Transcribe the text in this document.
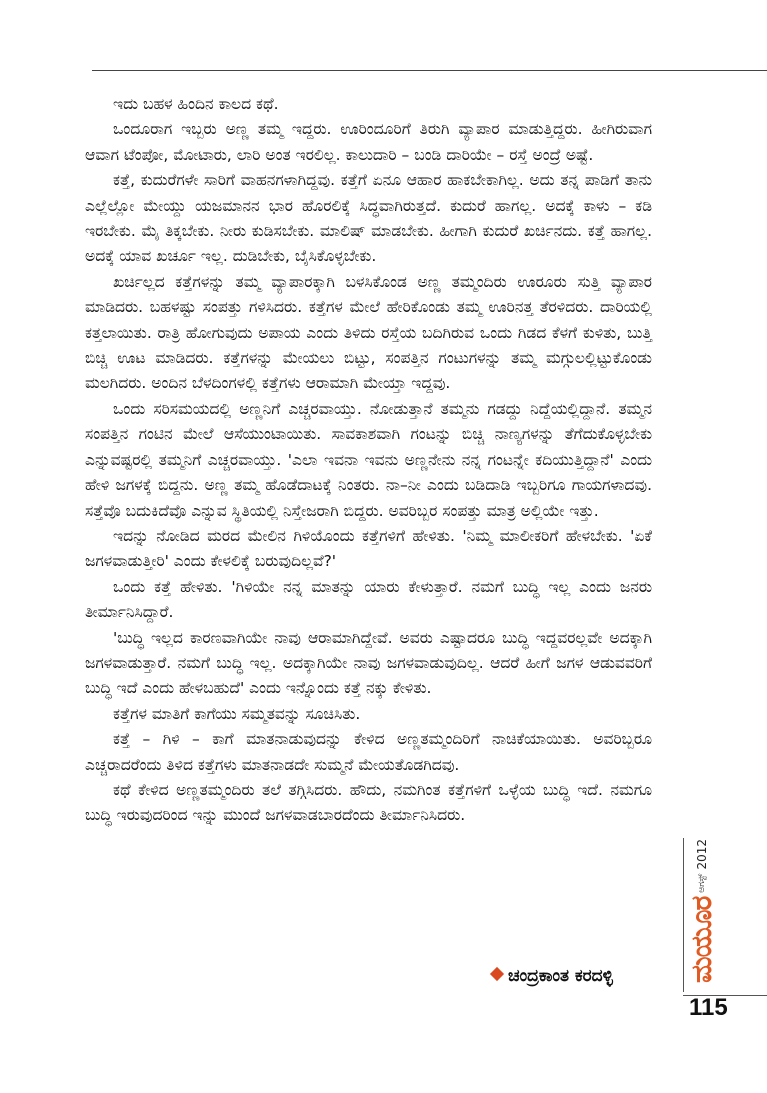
ಇದು ಬಹಳ ಹಿಂದಿನ ಕಾಲದ ಕಥೆ.

ಒಂದೂರಾಗ ಇಬ್ಬರು ಅಣ್ಣ ತಮ್ಮ ಇದ್ದರು. ಊರಿಂದೂರಿಗೆ ತಿರುಗಿ ವ್ಯಾಪಾರ ಮಾಡುತ್ತಿದ್ದರು. ಹೀಗಿರುವಾಗ ಆವಾಗ ಟೆಂಪೋ, ಮೋಟಾರು, ಲಾರಿ ಅಂತ ಇರಲಿಲ್ಲ. ಕಾಲುದಾರಿ – ಬಂಡಿ ದಾರಿಯೇ – ರಸ್ತೆ ಅಂದ್ರೆ ಅಷ್ಟೆ.

ಕತ್ತೆ, ಕುದುರೆಗಳೇ ಸಾರಿಗೆ ವಾಹನಗಳಾಗಿದ್ದವು. ಕತ್ತೆಗೆ ಏನೂ ಆಹಾರ ಹಾಕಬೇಕಾಗಿಲ್ಲ. ಅದು ತನ್ನ ಪಾಡಿಗೆ ತಾನು ಎಲ್ಲೆಲ್ಲೋ ಮೇಯ್ದು ಯಜಮಾನನ ಭಾರ ಹೊರಲಿಕ್ಕೆ ಸಿದ್ಧವಾಗಿರುತ್ತದೆ. ಕುದುರೆ ಹಾಗಲ್ಲ. ಅದಕ್ಕೆ ಕಾಳು – ಕಡಿ ಇರಬೇಕು. ಮೈ ತಿಕ್ಕಬೇಕು. ನೀರು ಕುಡಿಸಬೇಕು. ಮಾಲಿಷ್ ಮಾಡಬೇಕು. ಹೀಗಾಗಿ ಕುದುರೆ ಖರ್ಚಿನದು. ಕತ್ತೆ ಹಾಗಲ್ಲ. ಅದಕ್ಕೆ ಯಾವ ಖರ್ಚೂ ಇಲ್ಲ. ದುಡಿಬೇಕು, ಬೈಸಿಕೊಳ್ಳಬೇಕು.

ಖರ್ಚಿಲ್ಲದ ಕತ್ತೆಗಳನ್ನು ತಮ್ಮ ವ್ಯಾಪಾರಕ್ಕಾಗಿ ಬಳಸಿಕೊಂಡ ಅಣ್ಣ ತಮ್ಮಂದಿರು ಊರೂರು ಸುತ್ತಿ ವ್ಯಾಪಾರ ಮಾಡಿದರು. ಬಹಳಷ್ಟು ಸಂಪತ್ತು ಗಳಿಸಿದರು. ಕತ್ತೆಗಳ ಮೇಲೆ ಹೇರಿಕೊಂಡು ತಮ್ಮ ಊರಿನತ್ತ ತೆರಳಿದರು. ದಾರಿಯಲ್ಲಿ ಕತ್ತಲಾಯಿತು. ರಾತ್ರಿ ಹೋಗುವುದು ಅಪಾಯ ಎಂದು ತಿಳಿದು ರಸ್ತೆಯ ಬದಿಗಿರುವ ಒಂದು ಗಿಡದ ಕೆಳಗೆ ಕುಳಿತು, ಬುತ್ತಿ ಬಿಚ್ಚಿ ಊಟ ಮಾಡಿದರು. ಕತ್ತೆಗಳನ್ನು ಮೇಯಲು ಬಿಟ್ಟು, ಸಂಪತ್ತಿನ ಗಂಟುಗಳನ್ನು ತಮ್ಮ ಮಗ್ಗುಲಲ್ಲಿಟ್ಟುಕೊಂಡು ಮಲಗಿದರು. ಅಂದಿನ ಬೆಳದಿಂಗಳಲ್ಲಿ ಕತ್ತೆಗಳು ಆರಾಮಾಗಿ ಮೇಯ್ತಾ ಇದ್ದವು.

ಒಂದು ಸರಿಸಮಯದಲ್ಲಿ ಅಣ್ಣನಿಗೆ ಎಚ್ಚರವಾಯ್ತು. ನೋಡುತ್ತಾನೆ ತಮ್ಮನು ಗಡದ್ದು ನಿದ್ದೆಯಲ್ಲಿದ್ದಾನೆ. ತಮ್ಮನ ಸಂಪತ್ತಿನ ಗಂಟಿನ ಮೇಲೆ ಆಸೆಯುಂಟಾಯಿತು. ಸಾವಕಾಶವಾಗಿ ಗಂಟನ್ನು ಬಿಚ್ಚಿ ನಾಣ್ಯಗಳನ್ನು ತೆಗೆದುಕೊಳ್ಳಬೇಕು ಎನ್ನುವಷ್ಟರಲ್ಲಿ ತಮ್ಮನಿಗೆ ಎಚ್ಚರವಾಯ್ತು. 'ಎಲಾ ಇವನಾ ಇವನು ಅಣ್ಣನೇನು ನನ್ನ ಗಂಟನ್ನೇ ಕದಿಯುತ್ತಿದ್ದಾನೆ' ಎಂದು ಹೇಳಿ ಜಗಳಕ್ಕೆ ಬಿದ್ದನು. ಅಣ್ಣ ತಮ್ಮ ಹೊಡೆದಾಟಕ್ಕೆ ನಿಂತರು. ನಾ–ನೀ ಎಂದು ಬಡಿದಾಡಿ ಇಬ್ಬರಿಗೂ ಗಾಯಗಳಾದವು. ಸತ್ತೆವೊ ಬದುಕಿದೆವೊ ಎನ್ನುವ ಸ್ಥಿತಿಯಲ್ಲಿ ನಿಸ್ತೇಜರಾಗಿ ಬಿದ್ದರು. ಅವರಿಬ್ಬರ ಸಂಪತ್ತು ಮಾತ್ರ ಅಲ್ಲಿಯೇ ಇತ್ತು.

ಇದನ್ನು ನೋಡಿದ ಮರದ ಮೇಲಿನ ಗಿಳಿಯೊಂದು ಕತ್ತೆಗಳಿಗೆ ಹೇಳಿತು. 'ನಿಮ್ಮ ಮಾಲೀಕರಿಗೆ ಹೇಳಬೇಕು. 'ಏಕೆ ಜಗಳವಾಡುತ್ತೀರಿ' ಎಂದು ಕೇಳಲಿಕ್ಕೆ ಬರುವುದಿಲ್ಲವೆ?'

ಒಂದು ಕತ್ತೆ ಹೇಳಿತು. 'ಗಿಳಿಯೇ ನನ್ನ ಮಾತನ್ನು ಯಾರು ಕೇಳುತ್ತಾರೆ. ನಮಗೆ ಬುದ್ಧಿ ಇಲ್ಲ ಎಂದು ಜನರು ತೀರ್ಮಾನಿಸಿದ್ದಾರೆ.

'ಬುದ್ಧಿ ಇಲ್ಲದ ಕಾರಣವಾಗಿಯೇ ನಾವು ಆರಾಮಾಗಿದ್ದೇವೆ. ಅವರು ಎಷ್ಟಾದರೂ ಬುದ್ಧಿ ಇದ್ದವರಲ್ಲವೇ ಅದಕ್ಕಾಗಿ ಜಗಳವಾಡುತ್ತಾರೆ. ನಮಗೆ ಬುದ್ಧಿ ಇಲ್ಲ. ಅದಕ್ಕಾಗಿಯೇ ನಾವು ಜಗಳವಾಡುವುದಿಲ್ಲ. ಆದರೆ ಹೀಗೆ ಜಗಳ ಆಡುವವರಿಗೆ ಬುದ್ಧಿ ಇದೆ ಎಂದು ಹೇಳಬಹುದೆ' ಎಂದು ಇನ್ನೊಂದು ಕತ್ತೆ ನಕ್ಕು ಕೇಳಿತು.

ಕತ್ತೆಗಳ ಮಾತಿಗೆ ಕಾಗೆಯು ಸಮ್ಮತವನ್ನು ಸೂಚಿಸಿತು.

ಕತ್ತೆ – ಗಿಳಿ – ಕಾಗೆ ಮಾತನಾಡುವುದನ್ನು ಕೇಳಿದ ಅಣ್ಣತಮ್ಮಂದಿರಿಗೆ ನಾಚಿಕೆಯಾಯಿತು. ಅವರಿಬ್ಬರೂ ಎಚ್ಚರಾದರೆಂದು ತಿಳಿದ ಕತ್ತೆಗಳು ಮಾತನಾಡದೇ ಸುಮ್ಮನೆ ಮೇಯತೊಡಗಿದವು.

ಕಥೆ ಕೇಳಿದ ಅಣ್ಣತಮ್ಮಂದಿರು ತಲೆ ತಗ್ಗಿಸಿದರು. ಹೌದು, ನಮಗಿಂತ ಕತ್ತೆಗಳಿಗೆ ಒಳ್ಳೆಯ ಬುದ್ಧಿ ಇದೆ. ನಮಗೂ ಬುದ್ಧಿ ಇರುವುದರಿಂದ ಇನ್ನು ಮುಂದೆ ಜಗಳವಾಡಬಾರದೆಂದು ತೀರ್ಮಾನಿಸಿದರು.

ಚಂದ್ರಕಾಂತ ಕರದಳ್ಳಿ	ಮಯೂರ
ಆಗಸ್ಟ್
2012
115
